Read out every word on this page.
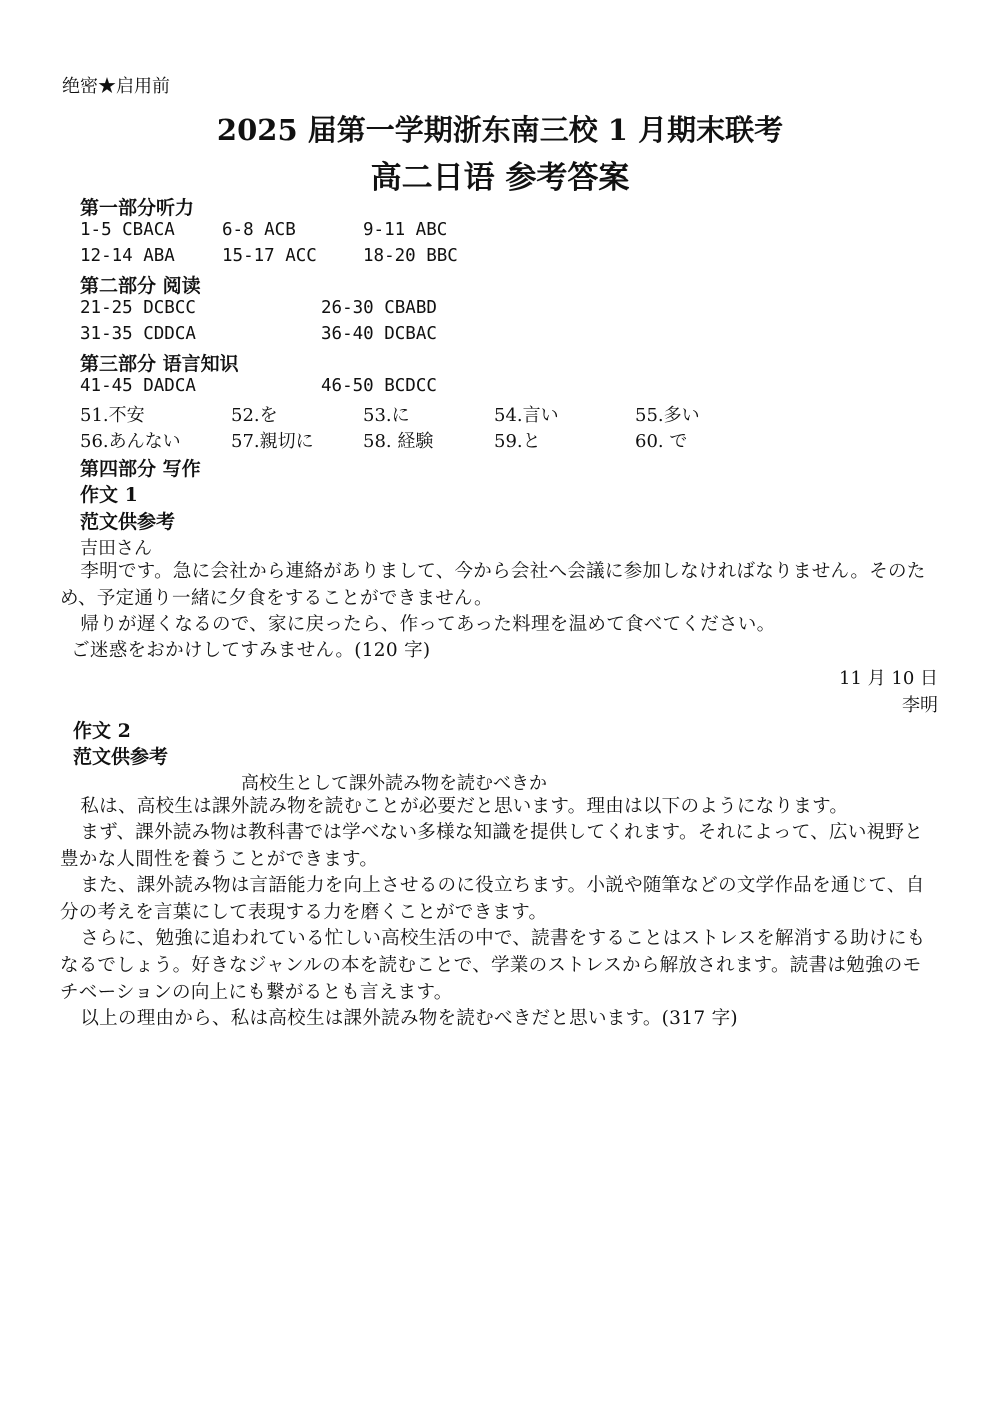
绝密★启用前
2025 届第一学期浙东南三校 1 月期末联考
高二日语 参考答案
第一部分听力
1-5 CBACA	6-8 ACB	9-11 ABC
12-14 ABA	15-17 ACC	18-20 BBC
第二部分 阅读
21-25 DCBCC	26-30 CBABD
31-35 CDDCA	36-40 DCBAC
第三部分 语言知识
41-45 DADCA	46-50 BCDCC
51.不安	52.を	53.に	54.言い	55.多い
56.あんない	57.親切に	58. 経験	59.と	60. で
第四部分 写作
作文 1
范文供参考
吉田さん
李明です。急に会社から連絡がありまして、今から会社へ会議に参加しなければなりません。そのため、予定通り一緒に夕食をすることができません。
帰りが遅くなるので、家に戻ったら、作ってあった料理を温めて食べてください。
ご迷惑をおかけしてすみません。(120 字)
11 月 10 日
李明
作文 2
范文供参考
高校生として課外読み物を読むべきか
私は、高校生は課外読み物を読むことが必要だと思います。理由は以下のようになります。
まず、課外読み物は教科書では学べない多様な知識を提供してくれます。それによって、広い視野と豊かな人間性を養うことができます。
また、課外読み物は言語能力を向上させるのに役立ちます。小説や随筆などの文学作品を通じて、自分の考えを言葉にして表現する力を磨くことができます。
さらに、勉強に追われている忙しい高校生活の中で、読書をすることはストレスを解消する助けにもなるでしょう。好きなジャンルの本を読むことで、学業のストレスから解放されます。読書は勉強のモチベーションの向上にも繋がるとも言えます。
以上の理由から、私は高校生は課外読み物を読むべきだと思います。(317 字)
